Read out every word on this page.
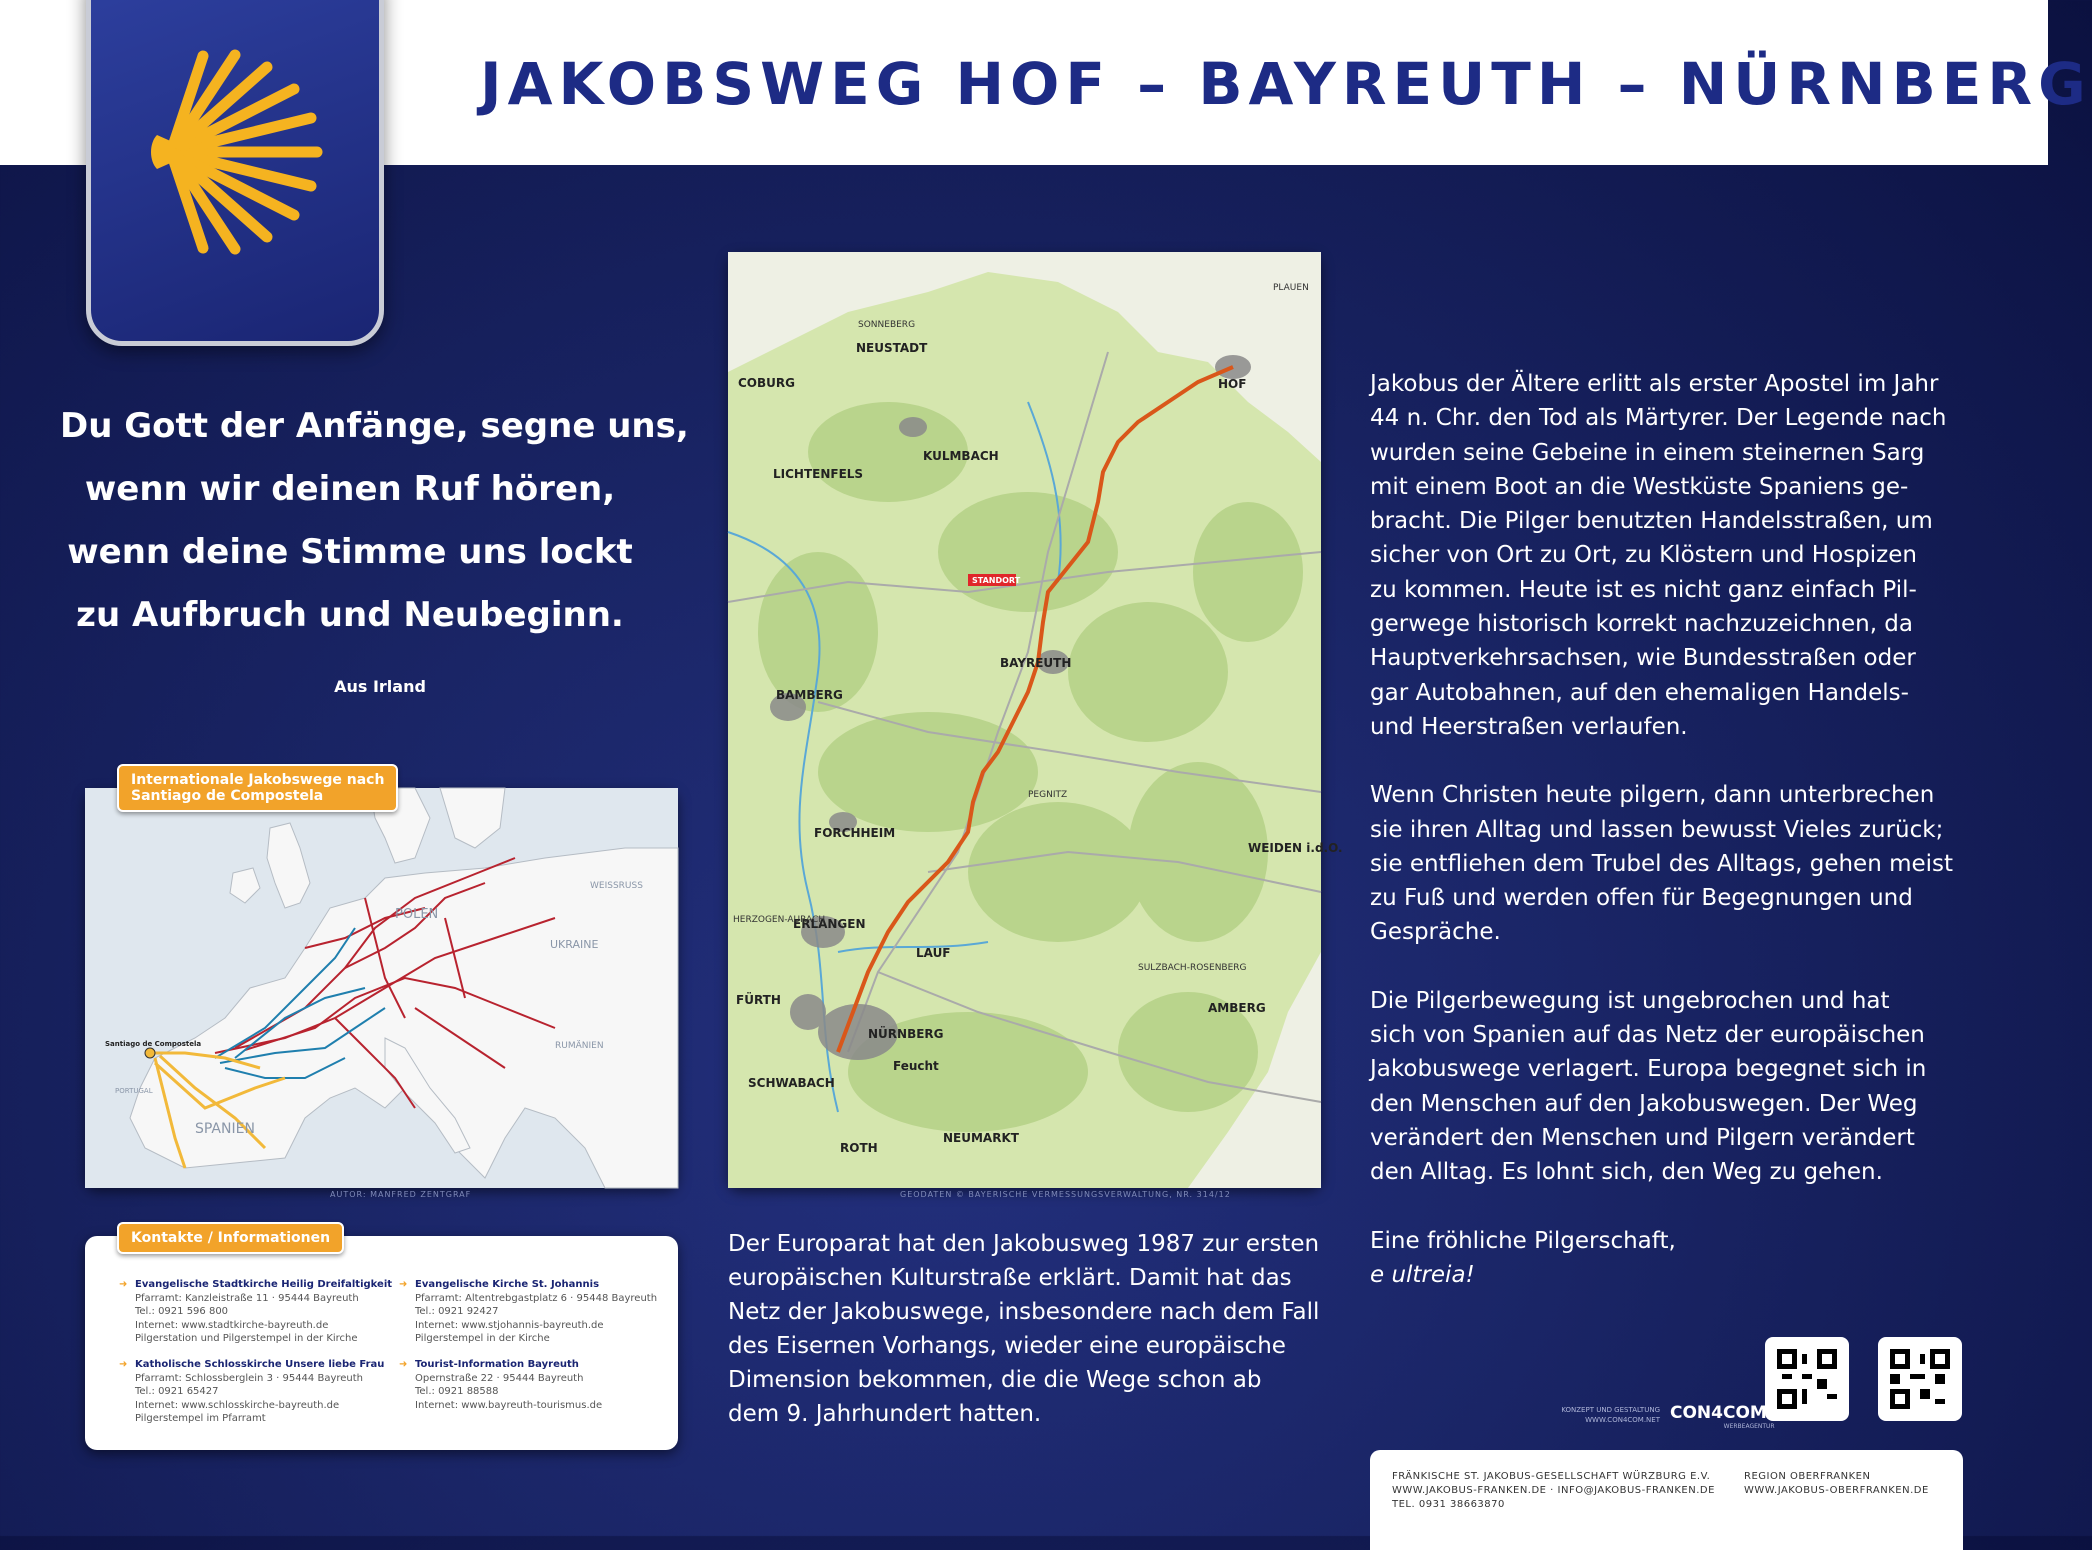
JAKOBSWEG HOF – BAYREUTH – NÜRNBERG
Du Gott der Anfänge, segne uns,
wenn wir deinen Ruf hören,
wenn deine Stimme uns lockt
zu Aufbruch und Neubeginn.
Aus Irland
POLEN
UKRAINE
SPANIEN
Santiago de Compostela	RUMÄNIEN
WEISSRUSS
PORTUGAL
Internationale Jakobswege nach
Santiago de Compostela
AUTOR: MANFRED ZENTGRAF
➜ Evangelische Stadtkirche Heilig Dreifaltigkeit
Pfarramt: Kanzleistraße 11 · 95444 Bayreuth
Tel.: 0921 596 800
Internet: www.stadtkirche-bayreuth.de
Pilgerstation und Pilgerstempel in der Kirche
➜ Evangelische Kirche St. Johannis
Pfarramt: Altentrebgastplatz 6 · 95448 Bayreuth
Tel.: 0921 92427
Internet: www.stjohannis-bayreuth.de
Pilgerstempel in der Kirche
➜ Katholische Schlosskirche Unsere liebe Frau
Pfarramt: Schlossberglein 3 · 95444 Bayreuth
Tel.: 0921 65427
Internet: www.schlosskirche-bayreuth.de
Pilgerstempel im Pfarramt
➜ Tourist-Information Bayreuth
Opernstraße 22 · 95444 Bayreuth
Tel.: 0921 88588
Internet: www.bayreuth-tourismus.de
Kontakte / Informationen
STANDORT
HOF
KULMBACH
BAYREUTH
BAMBERG
FORCHHEIM
ERLANGEN
NÜRNBERG
FÜRTH
SCHWABACH
COBURG
LICHTENFELS
NEUSTADT
SONNEBERG
PLAUEN
WEIDEN i.d.O.
AMBERG
SULZBACH-ROSENBERG
LAUF
NEUMARKT
ROTH
HERZOGEN-AURACH
PEGNITZ
Feucht
GEODATEN © BAYERISCHE VERMESSUNGSVERWALTUNG, NR. 314/12
Der Europarat hat den Jakobusweg 1987 zur ersten
europäischen Kulturstraße erklärt. Damit hat das
Netz der Jakobuswege, insbesondere nach dem Fall
des Eisernen Vorhangs, wieder eine europäische
Dimension bekommen, die die Wege schon ab
dem 9. Jahrhundert hatten.
Jakobus der Ältere erlitt als erster Apostel im Jahr
44 n. Chr. den Tod als Märtyrer. Der Legende nach
wurden seine Gebeine in einem steinernen Sarg
mit einem Boot an die Westküste Spaniens ge-
bracht. Die Pilger benutzten Handelsstraßen, um
sicher von Ort zu Ort, zu Klöstern und Hospizen
zu kommen. Heute ist es nicht ganz einfach Pil-
gerwege historisch korrekt nachzuzeichnen, da
Hauptverkehrsachsen, wie Bundesstraßen oder
gar Autobahnen, auf den ehemaligen Handels-
und Heerstraßen verlaufen.
Wenn Christen heute pilgern, dann unterbrechen
sie ihren Alltag und lassen bewusst Vieles zurück;
sie entfliehen dem Trubel des Alltags, gehen meist
zu Fuß und werden offen für Begegnungen und
Gespräche.
Die Pilgerbewegung ist ungebrochen und hat
sich von Spanien auf das Netz der europäischen
Jakobuswege verlagert. Europa begegnet sich in
den Menschen auf den Jakobuswegen. Der Weg
verändert den Menschen und Pilgern verändert
den Alltag. Es lohnt sich, den Weg zu gehen.
Eine fröhliche Pilgerschaft,
e ultreia!
KONZEPT UND GESTALTUNG
WWW.CON4COM.NET CON4COM!
WERBEAGENTUR
FRÄNKISCHE ST. JAKOBUS-GESELLSCHAFT WÜRZBURG E.V.
WWW.JAKOBUS-FRANKEN.DE · INFO@JAKOBUS-FRANKEN.DE
TEL. 0931 38663870
REGION OBERFRANKEN
WWW.JAKOBUS-OBERFRANKEN.DE
